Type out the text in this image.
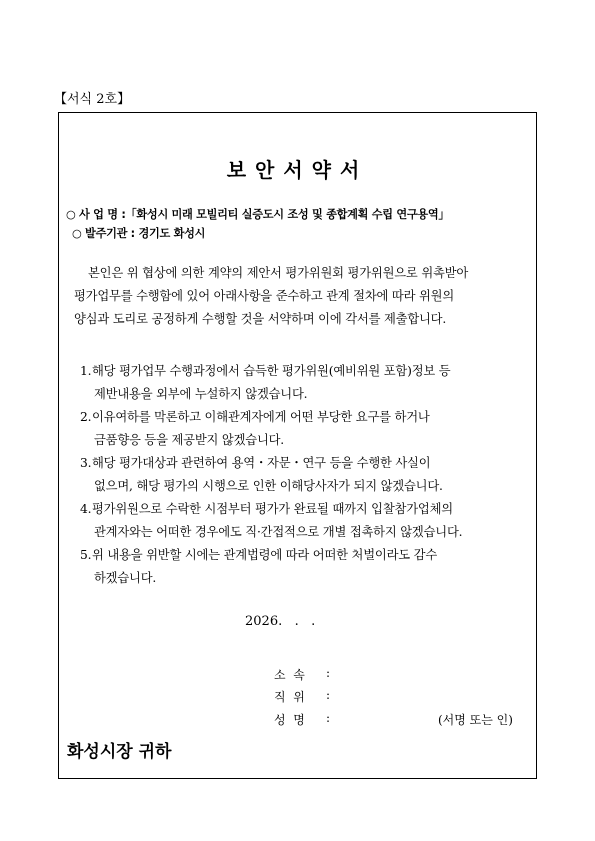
【서식 2호】
보안서약서
○ 사 업 명 :「화성시 미래 모빌리티 실증도시 조성 및 종합계획 수립 연구용역」
○ 발주기관 : 경기도 화성시
본인은 위 협상에 의한 계약의 제안서 평가위원회 평가위원으로 위촉받아
평가업무를 수행함에 있어 아래사항을 준수하고 관계 절차에 따라 위원의
양심과 도리로 공정하게 수행할 것을 서약하며 이에 각서를 제출합니다.
1. 해당 평가업무 수행과정에서 습득한 평가위원(예비위원 포함)정보 등
제반내용을 외부에 누설하지 않겠습니다.
2. 이유여하를 막론하고 이해관계자에게 어떤 부당한 요구를 하거나
금품향응 등을 제공받지 않겠습니다.
3. 해당 평가대상과 관련하여 용역・자문・연구 등을 수행한 사실이
없으며, 해당 평가의 시행으로 인한 이해당사자가 되지 않겠습니다.
4. 평가위원으로 수락한 시점부터 평가가 완료될 때까지 입찰참가업체의
관계자와는 어떠한 경우에도 직·간접적으로 개별 접촉하지 않겠습니다.
5. 위 내용을 위반할 시에는 관계법령에 따라 어떠한 처벌이라도 감수
하겠습니다.
2026.   .   .
소  속 :
직  위 :
성  명 :	(서명 또는 인)
화성시장 귀하
